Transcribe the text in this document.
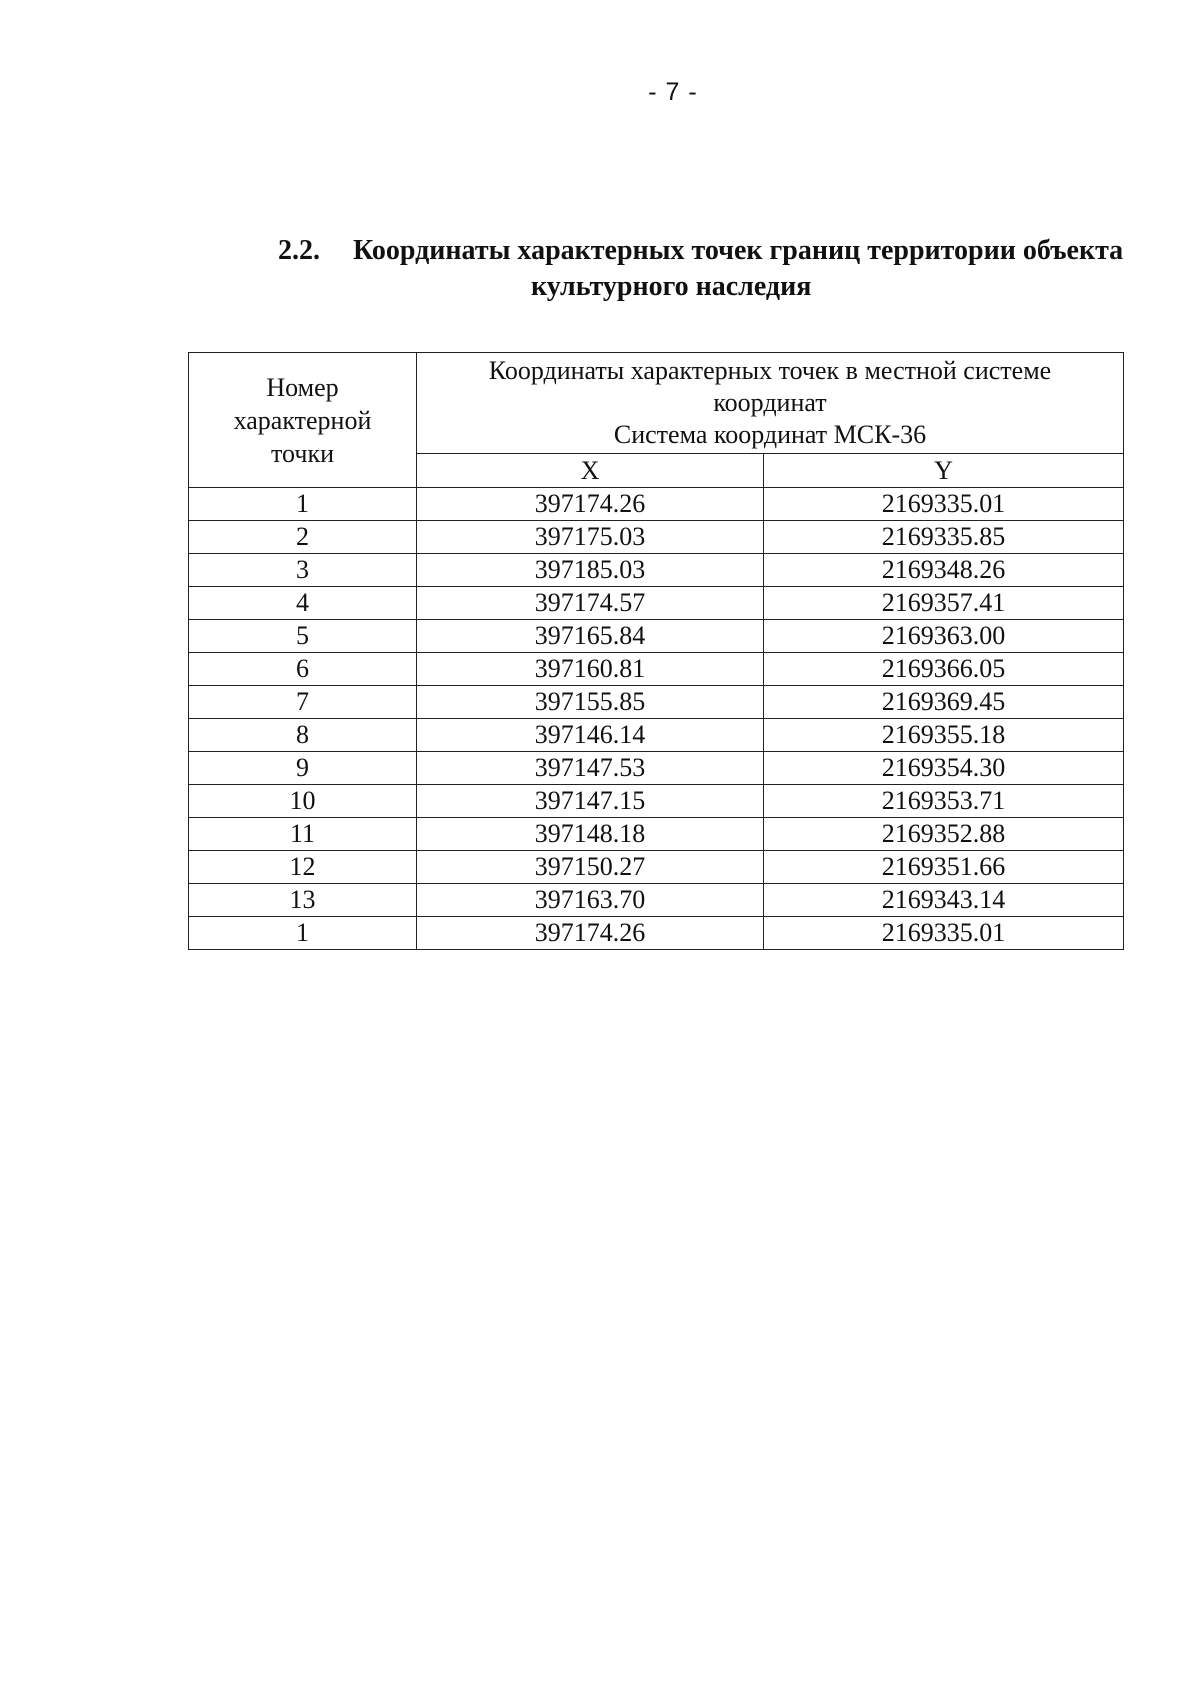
- 7 -
2.2.	Координаты характерных точек границ территории объекта
культурного наследия
Номер характерной точки	Координаты характерных точек в местной системе
координат
Система координат МСК-36	

	X	Y
1	397174.26	2169335.01
2	397175.03	2169335.85
3	397185.03	2169348.26
4	397174.57	2169357.41
5	397165.84	2169363.00
6	397160.81	2169366.05
7	397155.85	2169369.45
8	397146.14	2169355.18
9	397147.53	2169354.30
10	397147.15	2169353.71
11	397148.18	2169352.88
12	397150.27	2169351.66
13	397163.70	2169343.14
1	397174.26	2169335.01
